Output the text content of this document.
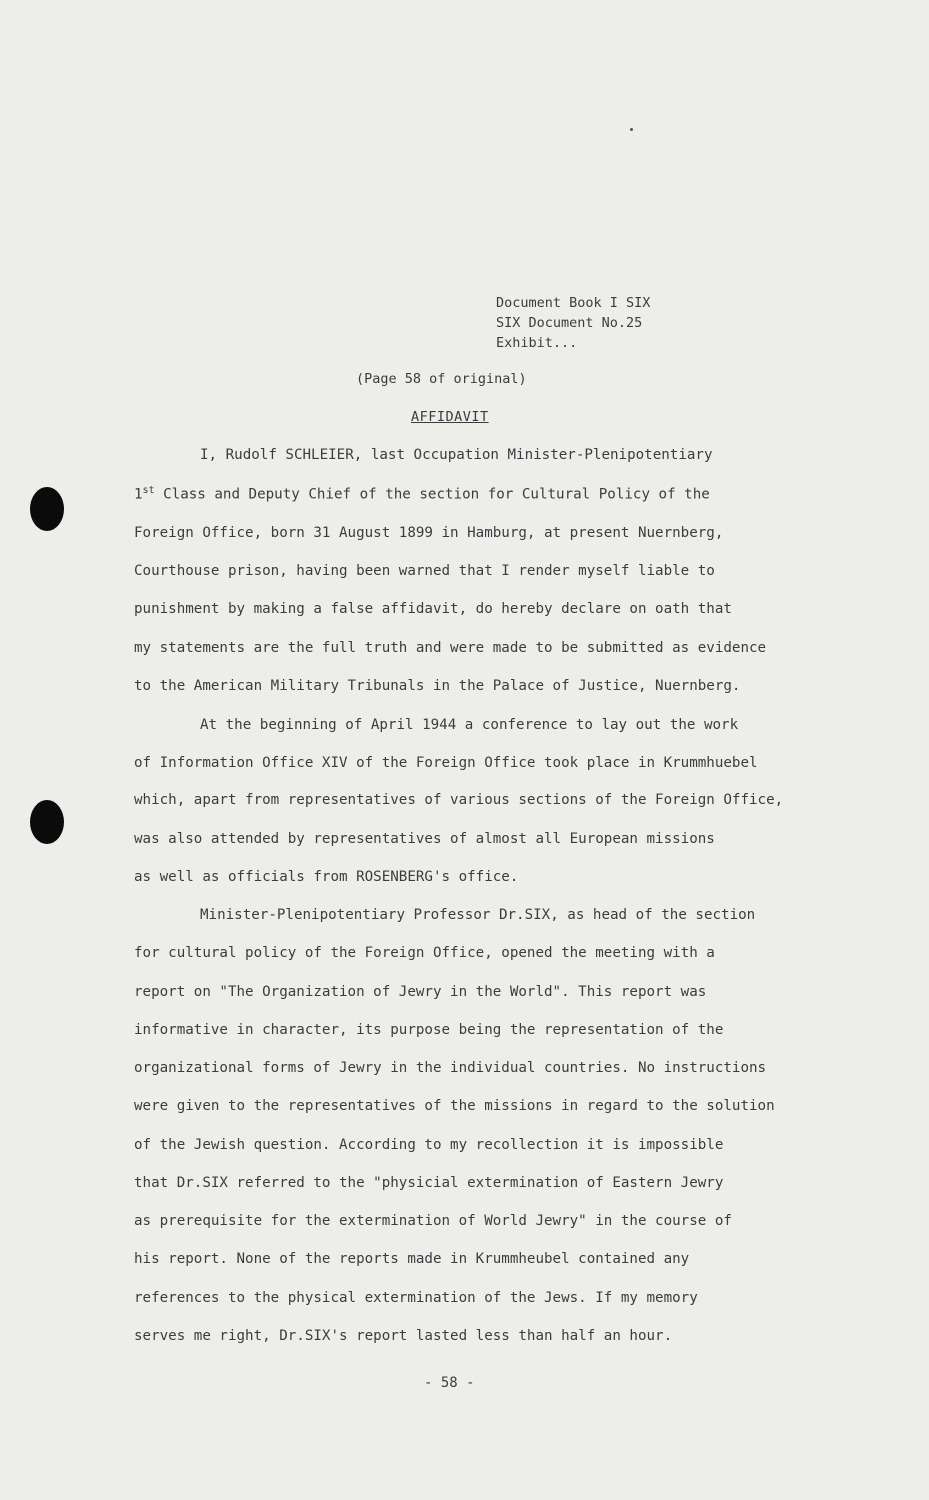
Document Book I SIX
SIX Document No.25
Exhibit...
(Page 58 of original)
AFFIDAVIT
I, Rudolf SCHLEIER, last Occupation Minister-Plenipotentiary
1st Class and Deputy Chief of the section for Cultural Policy of the
Foreign Office, born 31 August 1899 in Hamburg, at present Nuernberg,
Courthouse prison, having been warned that I render myself liable to
punishment by making a false affidavit, do hereby declare on oath that
my statements are the full truth and were made to be submitted as evidence
to the American Military Tribunals in the Palace of Justice, Nuernberg.
At the beginning of April 1944 a conference to lay out the work
of Information Office XIV of the Foreign Office took place in Krummhuebel
which, apart from representatives of various sections of the Foreign Office,
was also attended by representatives of almost all European missions
as well as officials from ROSENBERG's office.
Minister-Plenipotentiary Professor Dr.SIX, as head of the section
for cultural policy of the Foreign Office, opened the meeting with a
report on "The Organization of Jewry in the World". This report was
informative in character, its purpose being the representation of the
organizational forms of Jewry in the individual countries. No instructions
were given to the representatives of the missions in regard to the solution
of the Jewish question. According to my recollection it is impossible
that Dr.SIX referred to the "physicial extermination of Eastern Jewry
as prerequisite for the extermination of World Jewry" in the course of
his report. None of the reports made in Krummheubel contained any
references to the physical extermination of the Jews. If my memory
serves me right, Dr.SIX's report lasted less than half an hour.
- 58 -
